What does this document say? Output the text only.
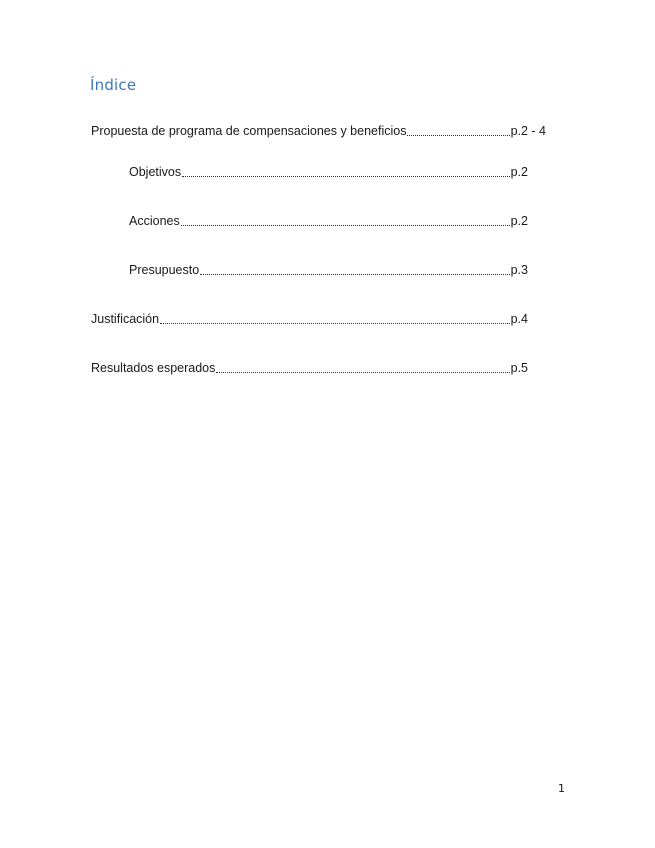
Índice
Propuesta de programa de compensaciones y beneficios	p.2 - 4
Objetivos	p.2
Acciones	p.2
Presupuesto	p.3
Justificación	p.4
Resultados esperados	p.5
1
